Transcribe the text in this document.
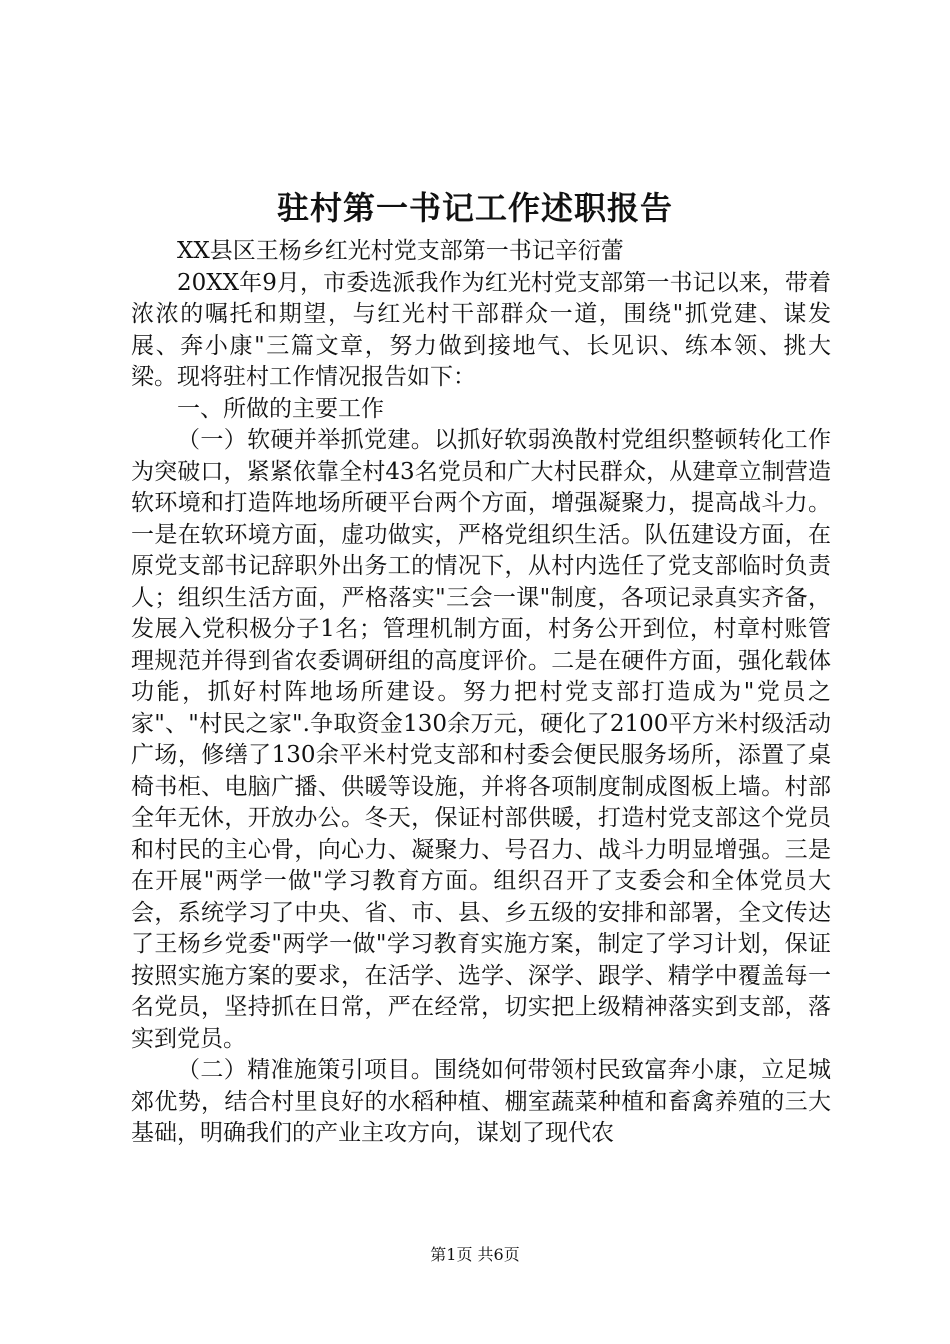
驻村第一书记工作述职报告

XX县区王杨乡红光村党支部第一书记辛衍蕾

20XX年9月，市委选派我作为红光村党支部第一书记以来，带着浓浓的嘱托和期望，与红光村干部群众一道，围绕"抓党建、谋发展、奔小康"三篇文章，努力做到接地气、长见识、练本领、挑大梁。现将驻村工作情况报告如下：

一、所做的主要工作

（一）软硬并举抓党建。以抓好软弱涣散村党组织整顿转化工作为突破口，紧紧依靠全村43名党员和广大村民群众，从建章立制营造软环境和打造阵地场所硬平台两个方面，增强凝聚力，提高战斗力。一是在软环境方面，虚功做实，严格党组织生活。队伍建设方面，在原党支部书记辞职外出务工的情况下，从村内选任了党支部临时负责人；组织生活方面，严格落实"三会一课"制度，各项记录真实齐备，发展入党积极分子1名；管理机制方面，村务公开到位，村章村账管理规范并得到省农委调研组的高度评价。二是在硬件方面，强化载体功能，抓好村阵地场所建设。努力把村党支部打造成为"党员之家"、"村民之家".争取资金130余万元，硬化了2100平方米村级活动广场，修缮了130余平米村党支部和村委会便民服务场所，添置了桌椅书柜、电脑广播、供暖等设施，并将各项制度制成图板上墙。村部全年无休，开放办公。冬天，保证村部供暖，打造村党支部这个党员和村民的主心骨，向心力、凝聚力、号召力、战斗力明显增强。三是在开展"两学一做"学习教育方面。组织召开了支委会和全体党员大会，系统学习了中央、省、市、县、乡五级的安排和部署，全文传达了王杨乡党委"两学一做"学习教育实施方案，制定了学习计划，保证按照实施方案的要求，在活学、选学、深学、跟学、精学中覆盖每一名党员，坚持抓在日常，严在经常，切实把上级精神落实到支部，落实到党员。

（二）精准施策引项目。围绕如何带领村民致富奔小康，立足城郊优势，结合村里良好的水稻种植、棚室蔬菜种植和畜禽养殖的三大基础，明确我们的产业主攻方向，谋划了现代农

第1页 共6页
